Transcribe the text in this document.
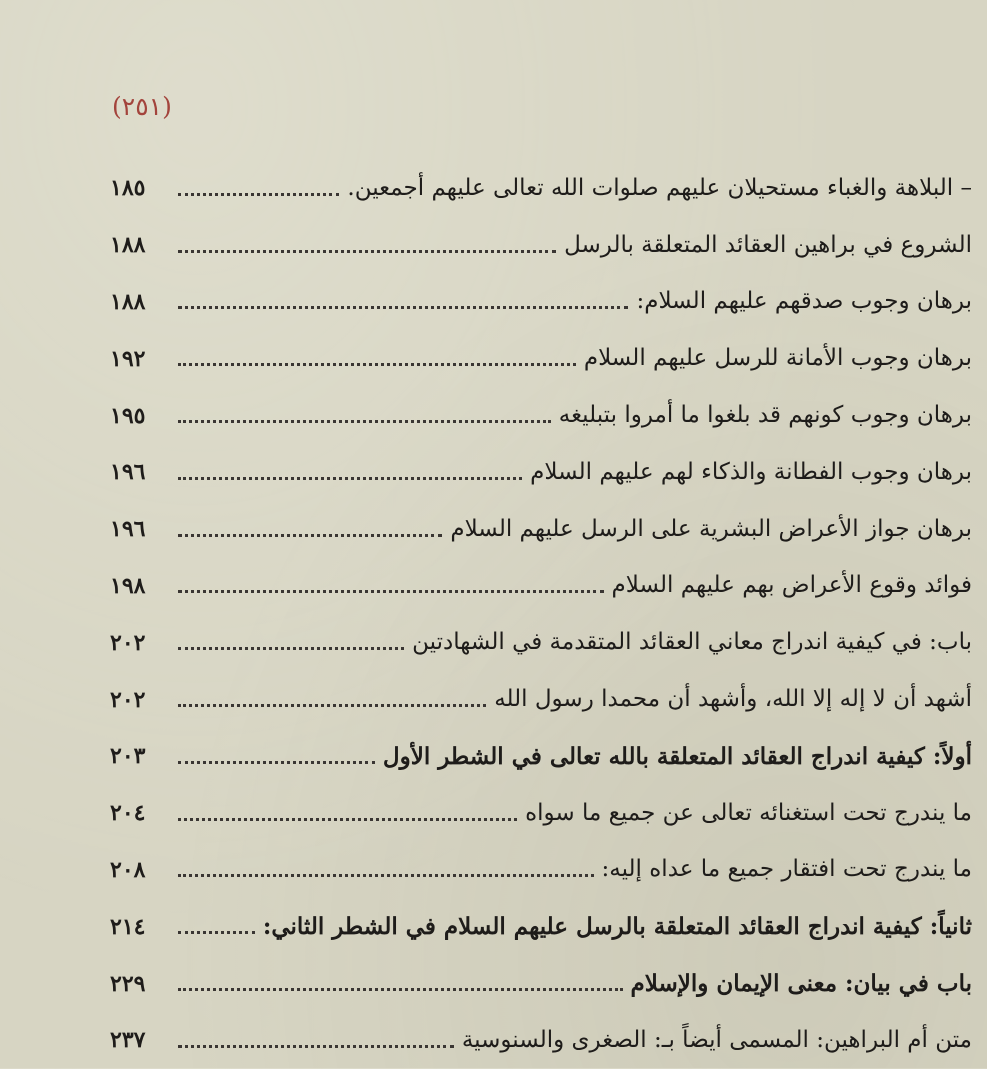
(٢٥١)
– البلاهة والغباء مستحيلان عليهم صلوات الله تعالى عليهم أجمعين.
١٨٥
الشروع في براهين العقائد المتعلقة بالرسل
١٨٨
برهان وجوب صدقهم عليهم السلام:
١٨٨
برهان وجوب الأمانة للرسل عليهم السلام
١٩٢
برهان وجوب كونهم قد بلغوا ما أمروا بتبليغه
١٩٥
برهان وجوب الفطانة والذكاء لهم عليهم السلام
١٩٦
برهان جواز الأعراض البشرية على الرسل عليهم السلام
١٩٦
فوائد وقوع الأعراض بهم عليهم السلام
١٩٨
باب: في كيفية اندراج معاني العقائد المتقدمة في الشهادتين
٢٠٢
أشهد أن لا إله إلا الله، وأشهد أن محمدا رسول الله
٢٠٢
أولاً: كيفية اندراج العقائد المتعلقة بالله تعالى في الشطر الأول
٢٠٣
ما يندرج تحت استغنائه تعالى عن جميع ما سواه
٢٠٤
ما يندرج تحت افتقار جميع ما عداه إليه:
٢٠٨
ثانياً: كيفية اندراج العقائد المتعلقة بالرسل عليهم السلام في الشطر الثاني:
٢١٤
باب في بيان: معنى الإيمان والإسلام
٢٢٩
متن أم البراهين: المسمى أيضاً بـ: الصغرى والسنوسية
٢٣٧
